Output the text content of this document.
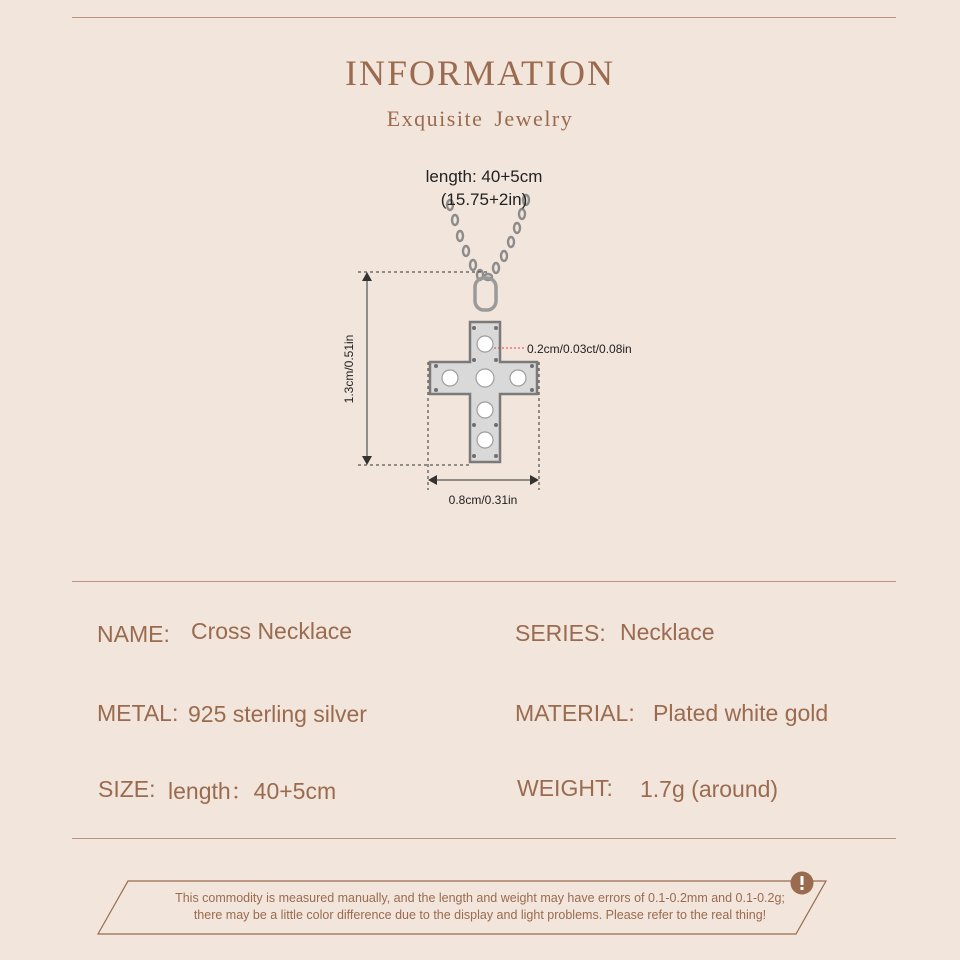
INFORMATION
Exquisite Jewelry
length: 40+5cm
(15.75+2in)
1.3cm/0.51in
0.8cm/0.31in
0.2cm/0.03ct/0.08in
NAME: Cross Necklace	SERIES: Necklace
METAL: 925 sterling silver	MATERIAL: Plated white gold
SIZE: length：40+5cm	WEIGHT: 1.7g (around)
This commodity is measured manually, and the length and weight may have errors of 0.1-0.2mm and 0.1-0.2g;
there may be a little color difference due to the display and light problems. Please refer to the real thing!
